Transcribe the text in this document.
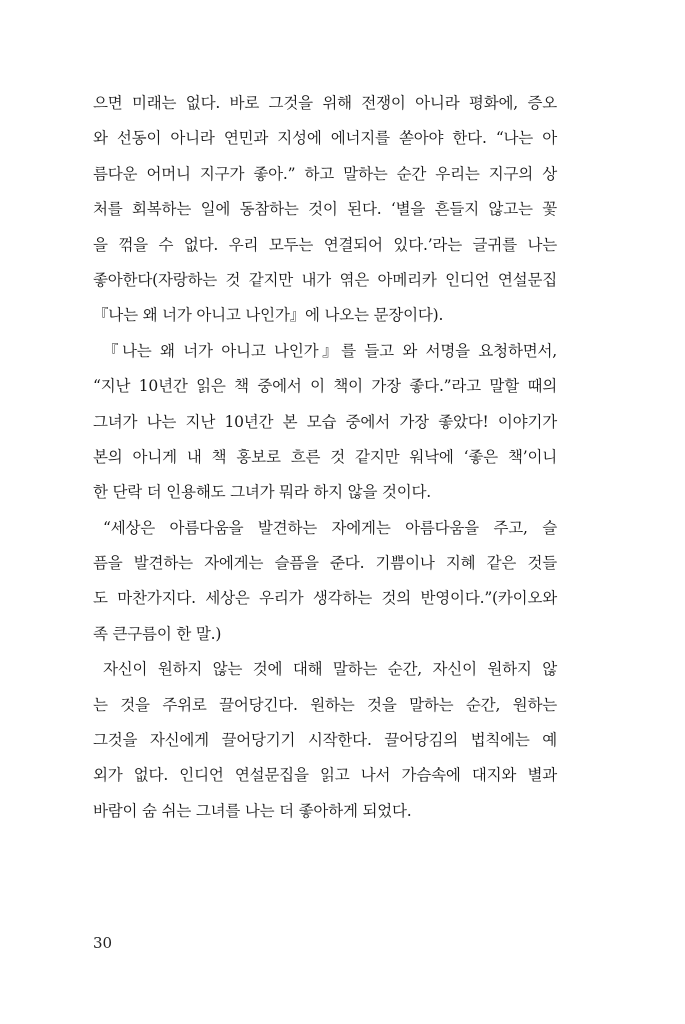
으면 미래는 없다. 바로 그것을 위해 전쟁이 아니라 평화에, 증오
와 선동이 아니라 연민과 지성에 에너지를 쏟아야 한다. “나는 아
름다운 어머니 지구가 좋아.” 하고 말하는 순간 우리는 지구의 상
처를 회복하는 일에 동참하는 것이 된다. ‘별을 흔들지 않고는 꽃
을 꺾을 수 없다. 우리 모두는 연결되어 있다.’라는 글귀를 나는
좋아한다(자랑하는 것 같지만 내가 엮은 아메리카 인디언 연설문집
『나는 왜 너가 아니고 나인가』에 나오는 문장이다).
『나는 왜 너가 아니고 나인가』를 들고 와 서명을 요청하면서,
“지난 10년간 읽은 책 중에서 이 책이 가장 좋다.”라고 말할 때의
그녀가 나는 지난 10년간 본 모습 중에서 가장 좋았다! 이야기가
본의 아니게 내 책 홍보로 흐른 것 같지만 워낙에 ‘좋은 책’이니
한 단락 더 인용해도 그녀가 뭐라 하지 않을 것이다.
“세상은 아름다움을 발견하는 자에게는 아름다움을 주고, 슬
픔을 발견하는 자에게는 슬픔을 준다. 기쁨이나 지혜 같은 것들
도 마찬가지다. 세상은 우리가 생각하는 것의 반영이다.”(카이오와
족 큰구름이 한 말.)
자신이 원하지 않는 것에 대해 말하는 순간, 자신이 원하지 않
는 것을 주위로 끌어당긴다. 원하는 것을 말하는 순간, 원하는
그것을 자신에게 끌어당기기 시작한다. 끌어당김의 법칙에는 예
외가 없다. 인디언 연설문집을 읽고 나서 가슴속에 대지와 별과
바람이 숨 쉬는 그녀를 나는 더 좋아하게 되었다.
30
